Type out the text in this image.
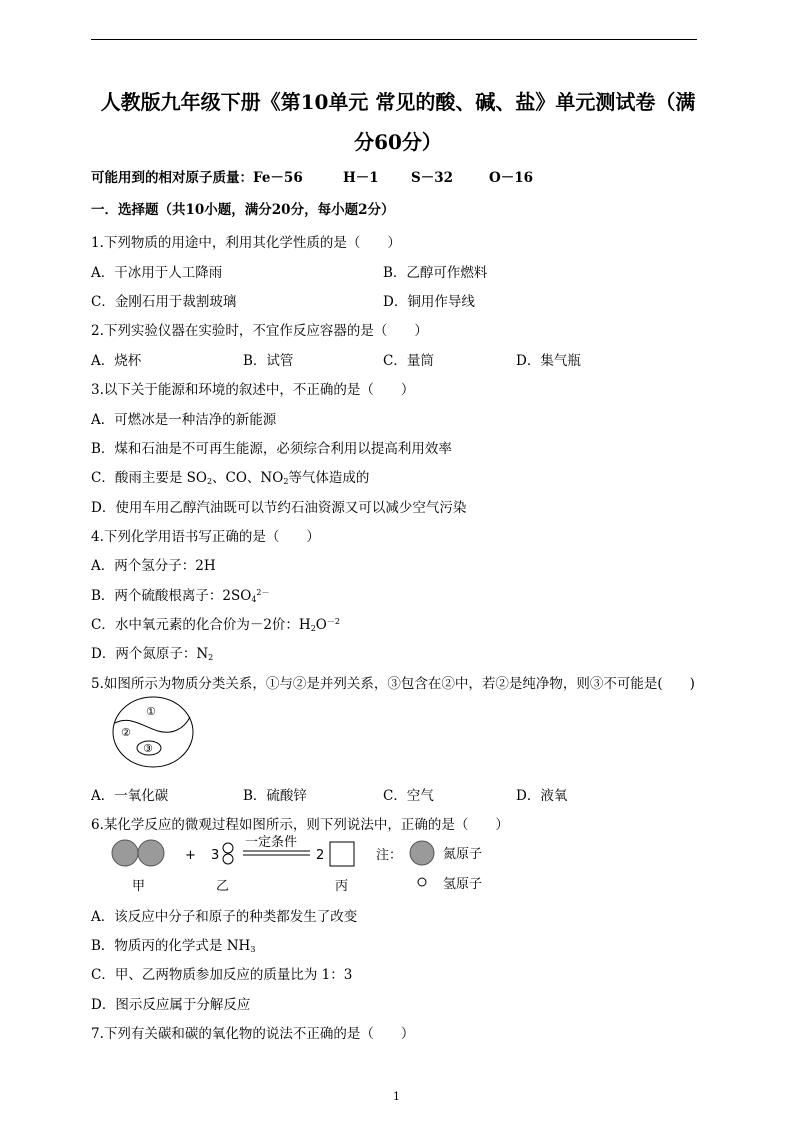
人教版九年级下册《第10单元 常见的酸、碱、盐》单元测试卷（满
分60分）
可能用到的相对原子质量：Fe－56	H－1 S－32	O－16
一．选择题（共10小题，满分20分，每小题2分）
1.下列物质的用途中，利用其化学性质的是（　　）
A．干冰用于人工降雨	B．乙醇可作燃料
C．金刚石用于裁割玻璃	D．铜用作导线
2.下列实验仪器在实验时，不宜作反应容器的是（　　）
A．烧杯	B．试管	C．量筒	D．集气瓶
3.以下关于能源和环境的叙述中，不正确的是（　　）
A．可燃冰是一种洁净的新能源
B．煤和石油是不可再生能源，必须综合利用以提高利用效率
C．酸雨主要是 $SO_2$、CO、$NO_2$等气体造成的
D．使用车用乙醇汽油既可以节约石油资源又可以减少空气污染
4.下列化学用语书写正确的是（　　）
A．两个氢分子：2H
B．两个硫酸根离子：$2SO_4^{2-}$
C．水中氧元素的化合价为－2价：$H_2O^{-2}$
D．两个氮原子：$N_2$
5.如图所示为物质分类关系，①与②是并列关系，③包含在②中，若②是纯净物，则③不可能是(　　)
①
②
③
A．一氧化碳	B．硫酸锌	C．空气	D．液氧
6.某化学反应的微观过程如图所示，则下列说法中，正确的是（　　）
+ 3
一定条件
2	注：	氮原子
氢原子
甲	乙	丙
A．该反应中分子和原子的种类都发生了改变
B．物质丙的化学式是 $NH_3$
C．甲、乙两物质参加反应的质量比为 1：3
D．图示反应属于分解反应
7.下列有关碳和碳的氧化物的说法不正确的是（　　）
1
